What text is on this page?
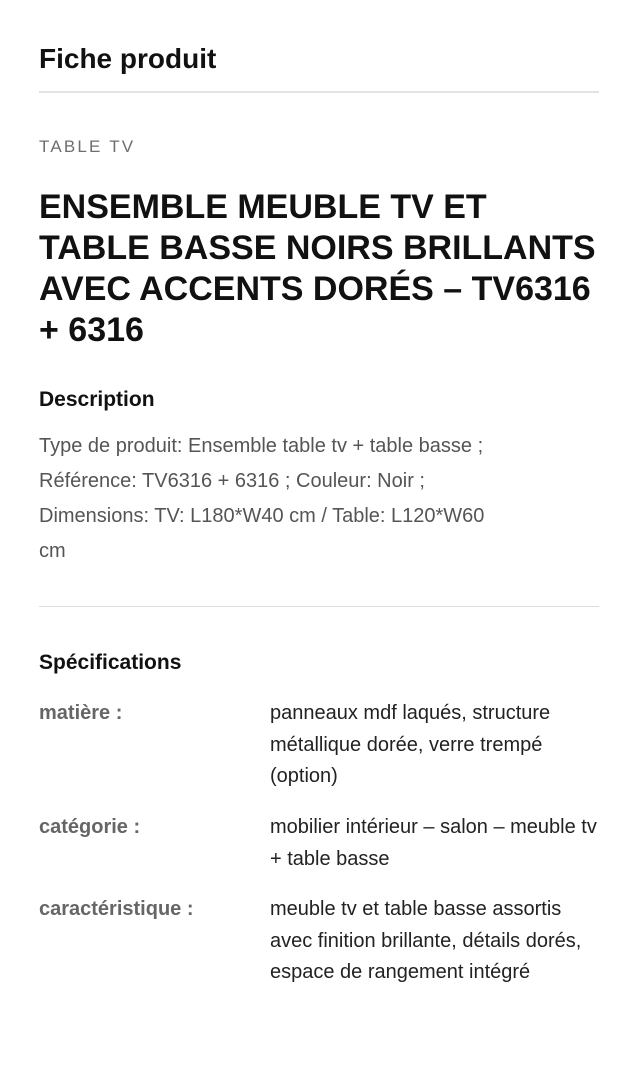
Fiche produit
TABLE TV
ENSEMBLE MEUBLE TV ET TABLE BASSE NOIRS BRILLANTS AVEC ACCENTS DORÉS – TV6316 + 6316
Description
Type de produit: Ensemble table tv + table basse ;
Référence: TV6316 + 6316 ; Couleur: Noir ;
Dimensions: TV: L180*W40 cm / Table: L120*W60
cm
Spécifications
matière :	panneaux mdf laqués, structure métallique dorée, verre trempé (option)
catégorie :	mobilier intérieur – salon – meuble tv + table basse
caractéristique :	meuble tv et table basse assortis avec finition brillante, détails dorés, espace de rangement intégré
